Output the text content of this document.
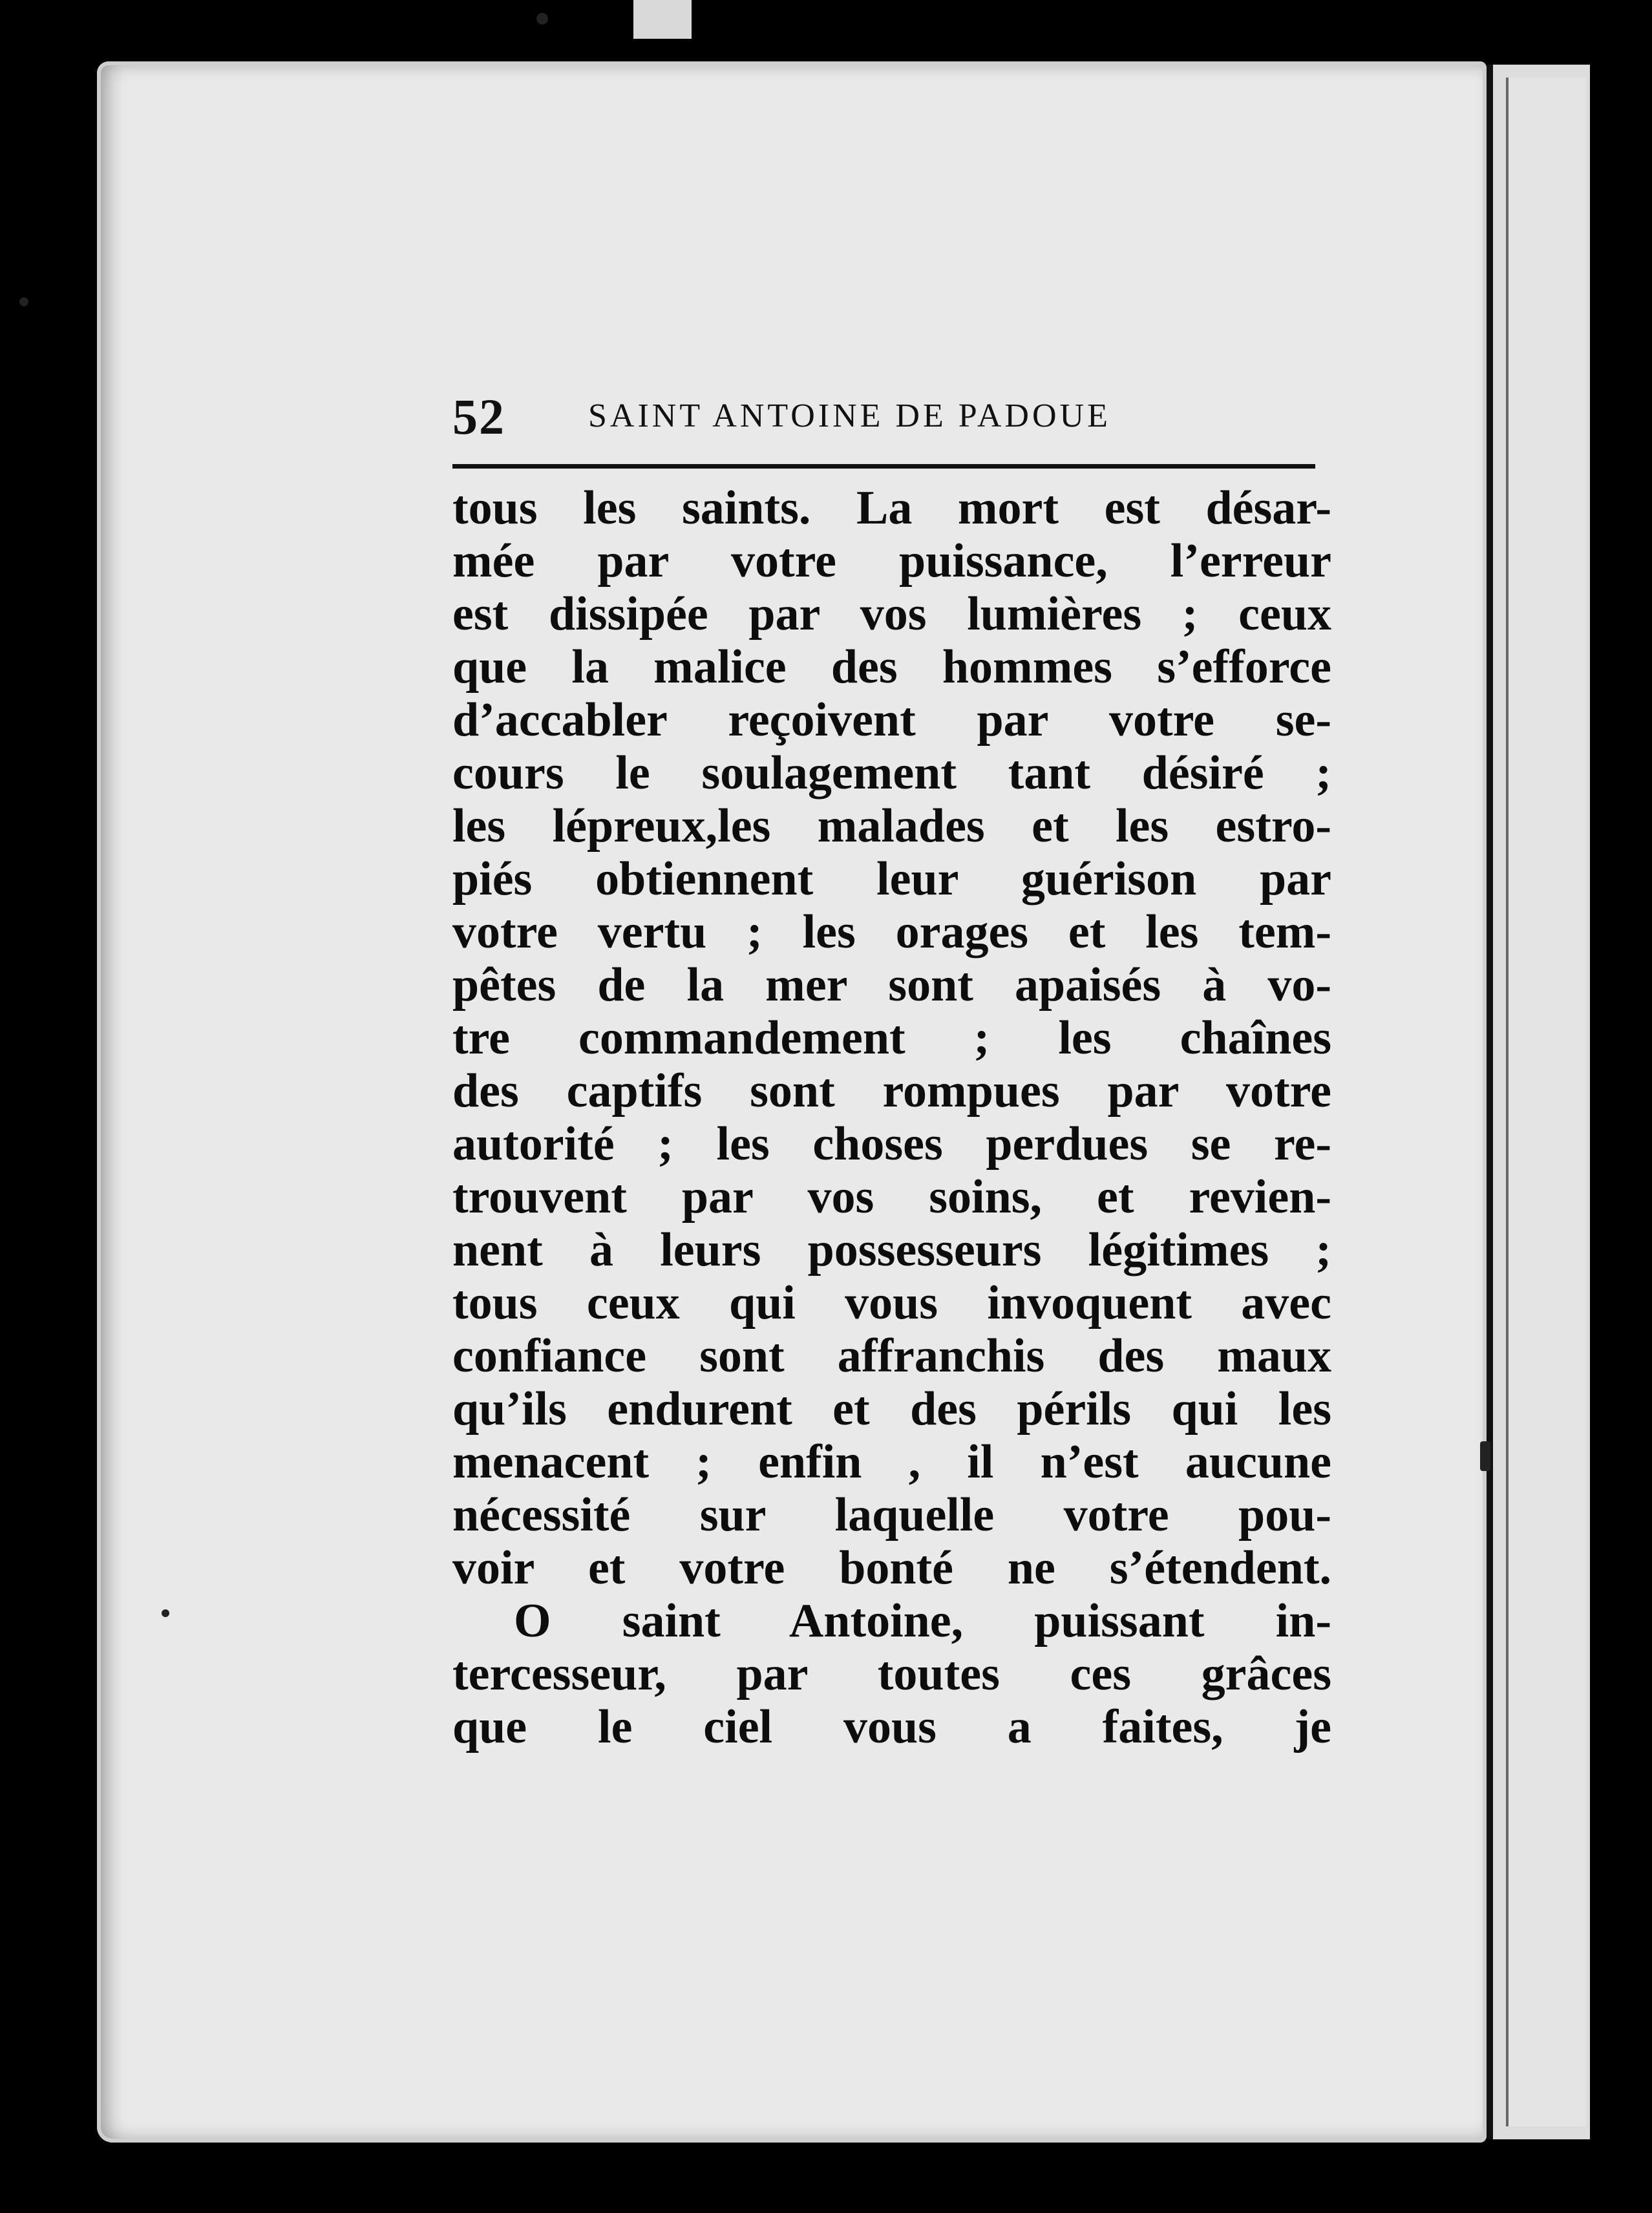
52 SAINT ANTOINE DE PADOUE
tous les saints. La mort est désar-
mée par votre puissance, l’erreur
est dissipée par vos lumières ; ceux
que la malice des hommes s’efforce
d’accabler reçoivent par votre se-
cours le soulagement tant désiré ;
les lépreux,les malades et les estro-
piés obtiennent leur guérison par
votre vertu ; les orages et les tem-
pêtes de la mer sont apaisés à vo-
tre commandement ; les chaînes
des captifs sont rompues par votre
autorité ; les choses perdues se re-
trouvent par vos soins, et revien-
nent à leurs possesseurs légitimes ;
tous ceux qui vous invoquent avec
confiance sont affranchis des maux
qu’ils endurent et des périls qui les
menacent ; enfin , il n’est aucune
nécessité sur laquelle votre pou-
voir et votre bonté ne s’étendent.
O saint Antoine, puissant in-
tercesseur, par toutes ces grâces
que le ciel vous a faites, je
